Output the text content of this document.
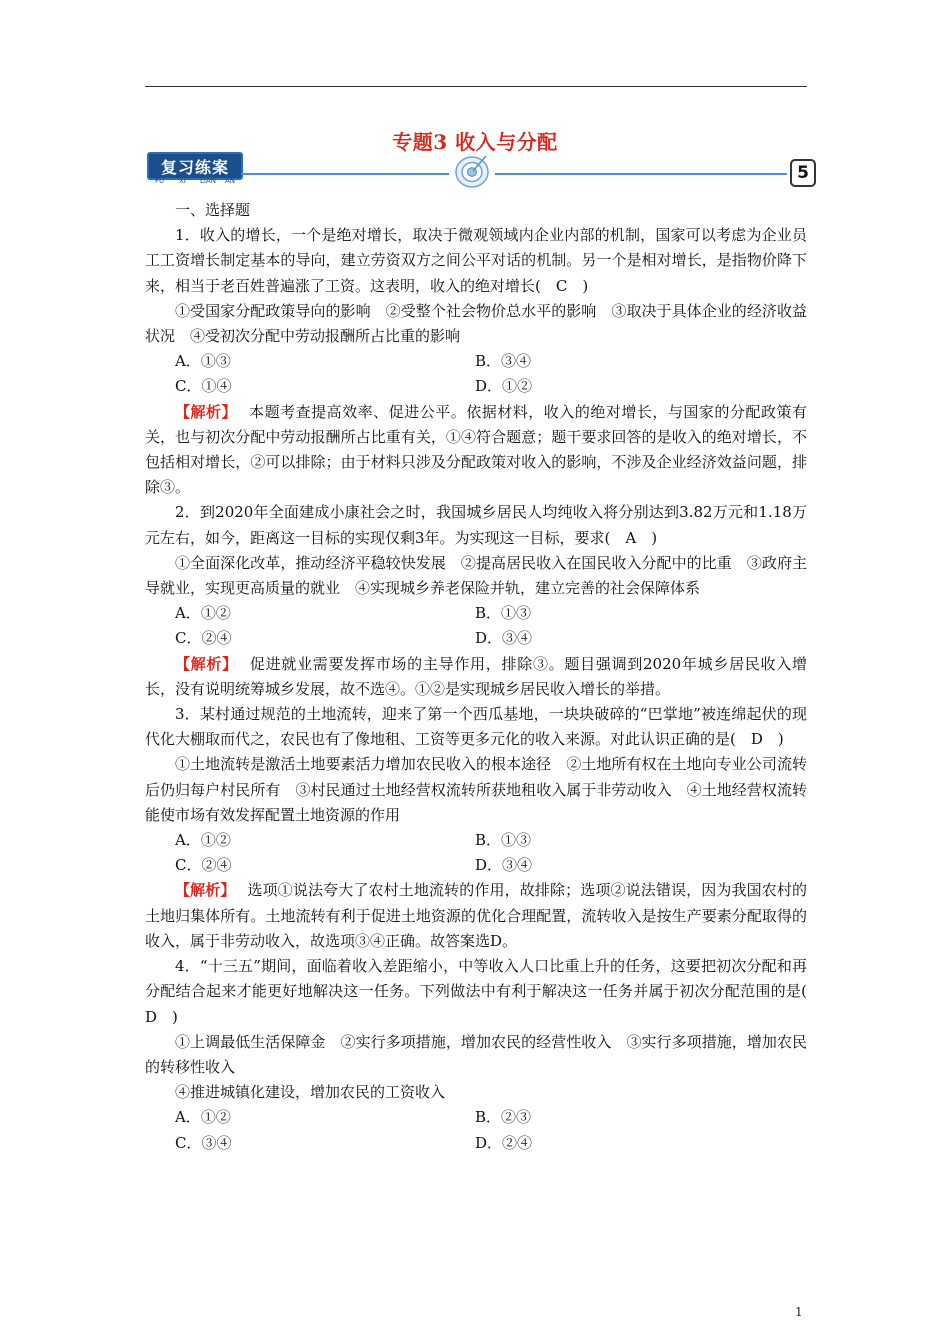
专题3 收入与分配
复习练案
FU XI LIAN AN	5

一、选择题

1．收入的增长，一个是绝对增长，取决于微观领域内企业内部的机制，国家可以考虑为企业员工工资增长制定基本的导向，建立劳资双方之间公平对话的机制。另一个是相对增长，是指物价降下来，相当于老百姓普遍涨了工资。这表明，收入的绝对增长(　C　)

①受国家分配政策导向的影响　②受整个社会物价总水平的影响　③取决于具体企业的经济收益状况　④受初次分配中劳动报酬所占比重的影响

A．①③	B．③④
C．①④	D．①②

【解析】 本题考查提高效率、促进公平。依据材料，收入的绝对增长，与国家的分配政策有关，也与初次分配中劳动报酬所占比重有关，①④符合题意；题干要求回答的是收入的绝对增长，不包括相对增长，②可以排除；由于材料只涉及分配政策对收入的影响，不涉及企业经济效益问题，排除③。

2．到2020年全面建成小康社会之时，我国城乡居民人均纯收入将分别达到3.82万元和1.18万元左右，如今，距离这一目标的实现仅剩3年。为实现这一目标，要求(　A　)

①全面深化改革，推动经济平稳较快发展　②提高居民收入在国民收入分配中的比重　③政府主导就业，实现更高质量的就业　④实现城乡养老保险并轨，建立完善的社会保障体系

A．①②	B．①③
C．②④	D．③④

【解析】 促进就业需要发挥市场的主导作用，排除③。题目强调到2020年城乡居民收入增长，没有说明统筹城乡发展，故不选④。①②是实现城乡居民收入增长的举措。

3．某村通过规范的土地流转，迎来了第一个西瓜基地，一块块破碎的“巴掌地”被连绵起伏的现代化大棚取而代之，农民也有了像地租、工资等更多元化的收入来源。对此认识正确的是(　D　)

①土地流转是激活土地要素活力增加农民收入的根本途径　②土地所有权在土地向专业公司流转后仍归每户村民所有　③村民通过土地经营权流转所获地租收入属于非劳动收入　④土地经营权流转能使市场有效发挥配置土地资源的作用

A．①②	B．①③
C．②④	D．③④

【解析】 选项①说法夸大了农村土地流转的作用，故排除；选项②说法错误，因为我国农村的土地归集体所有。土地流转有利于促进土地资源的优化合理配置，流转收入是按生产要素分配取得的收入，属于非劳动收入，故选项③④正确。故答案选D。

4．“十三五”期间，面临着收入差距缩小，中等收入人口比重上升的任务，这要把初次分配和再分配结合起来才能更好地解决这一任务。下列做法中有利于解决这一任务并属于初次分配范围的是(　D　)

①上调最低生活保障金　②实行多项措施，增加农民的经营性收入　③实行多项措施，增加农民的转移性收入

④推进城镇化建设，增加农民的工资收入

A．①②	B．②③
C．③④	D．②④
1
